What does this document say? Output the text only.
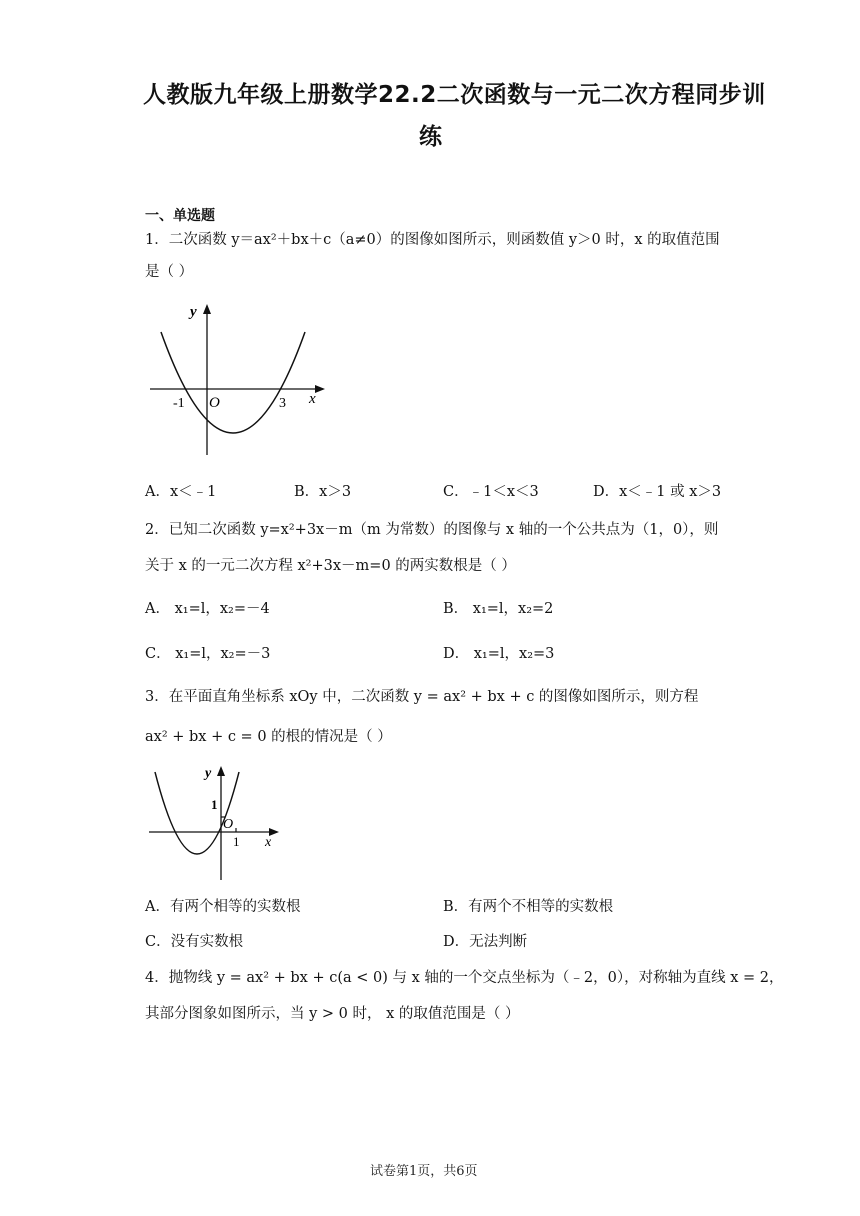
人教版九年级上册数学22.2二次函数与一元二次方程同步训
练
一、单选题
1．二次函数 y＝ax²＋bx＋c（a≠0）的图像如图所示，则函数值 y＞0 时，x 的取值范围
是（ ）
y
x
O
-1	3
A．x＜﹣1	B．x＞3	C．﹣1＜x＜3	D．x＜﹣1 或 x＞3
2．已知二次函数 y=x²+3x－m（m 为常数）的图像与 x 轴的一个公共点为（1，0），则
关于 x 的一元二次方程 x²+3x－m=0 的两实数根是（ ）
A． x₁=l，x₂=－4	B． x₁=l，x₂=2
C． x₁=l，x₂=－3	D． x₁=l，x₂=3
3．在平面直角坐标系 xOy 中，二次函数 y = ax² + bx + c 的图像如图所示，则方程
ax² + bx + c = 0 的根的情况是（ ）
y
x
O
1
1
A．有两个相等的实数根	B．有两个不相等的实数根
C．没有实数根	D．无法判断
4．抛物线 y = ax² + bx + c(a < 0) 与 x 轴的一个交点坐标为（﹣2，0），对称轴为直线 x = 2，
其部分图象如图所示，当 y > 0 时， x 的取值范围是（ ）
试卷第1页，共6页
